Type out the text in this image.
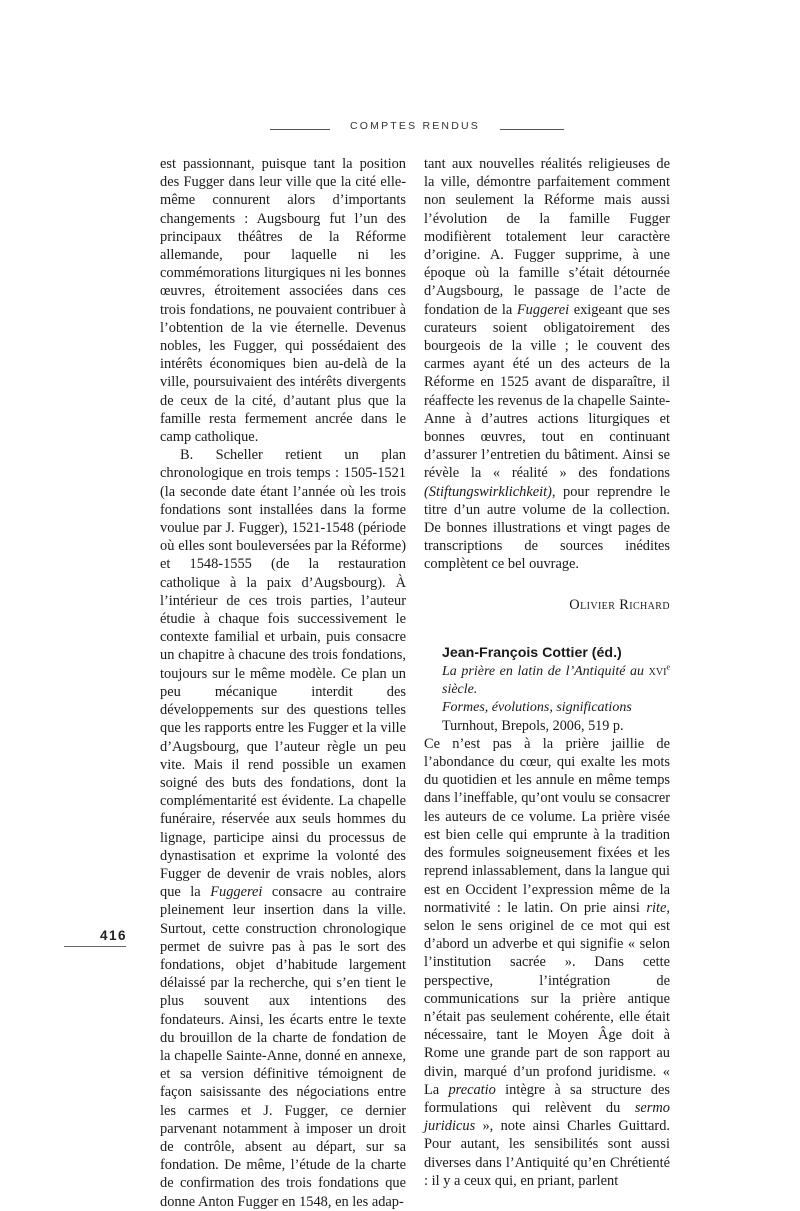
COMPTES RENDUS

est passionnant, puisque tant la position des Fugger dans leur ville que la cité elle-même connurent alors d’importants changements : Augsbourg fut l’un des principaux théâtres de la Réforme allemande, pour laquelle ni les commémorations liturgiques ni les bonnes œuvres, étroitement associées dans ces trois fondations, ne pouvaient contribuer à l’obtention de la vie éternelle. Devenus nobles, les Fugger, qui possédaient des intérêts économiques bien au-delà de la ville, poursuivaient des intérêts divergents de ceux de la cité, d’autant plus que la famille resta fermement ancrée dans le camp catholique.

B. Scheller retient un plan chronologique en trois temps : 1505-1521 (la seconde date étant l’année où les trois fondations sont installées dans la forme voulue par J. Fugger), 1521-1548 (période où elles sont bouleversées par la Réforme) et 1548-1555 (de la restauration catholique à la paix d’Augsbourg). À l’intérieur de ces trois parties, l’auteur étudie à chaque fois successivement le contexte familial et urbain, puis consacre un chapitre à chacune des trois fondations, toujours sur le même modèle. Ce plan un peu mécanique interdit des développements sur des questions telles que les rapports entre les Fugger et la ville d’Augsbourg, que l’auteur règle un peu vite. Mais il rend possible un examen soigné des buts des fondations, dont la complémentarité est évidente. La chapelle funéraire, réservée aux seuls hommes du lignage, participe ainsi du processus de dynastisation et exprime la volonté des Fugger de devenir de vrais nobles, alors que la Fuggerei consacre au contraire pleinement leur insertion dans la ville. Surtout, cette construction chronologique permet de suivre pas à pas le sort des fondations, objet d’habitude largement délaissé par la recherche, qui s’en tient le plus souvent aux intentions des fondateurs. Ainsi, les écarts entre le texte du brouillon de la charte de fondation de la chapelle Sainte-Anne, donné en annexe, et sa version définitive témoignent de façon saisissante des négociations entre les carmes et J. Fugger, ce dernier parvenant notamment à imposer un droit de contrôle, absent au départ, sur sa fondation. De même, l’étude de la charte de confirmation des trois fondations que donne Anton Fugger en 1548, en les adap-

tant aux nouvelles réalités religieuses de la ville, démontre parfaitement comment non seulement la Réforme mais aussi l’évolution de la famille Fugger modifièrent totalement leur caractère d’origine. A. Fugger supprime, à une époque où la famille s’était détournée d’Augsbourg, le passage de l’acte de fondation de la Fuggerei exigeant que ses curateurs soient obligatoirement des bourgeois de la ville ; le couvent des carmes ayant été un des acteurs de la Réforme en 1525 avant de disparaître, il réaffecte les revenus de la chapelle Sainte-Anne à d’autres actions liturgiques et bonnes œuvres, tout en continuant d’assurer l’entretien du bâtiment. Ainsi se révèle la « réalité » des fondations (Stiftungswirklichkeit), pour reprendre le titre d’un autre volume de la collection. De bonnes illustrations et vingt pages de transcriptions de sources inédites complètent ce bel ouvrage.

Olivier Richard
Jean-François Cottier (éd.)
La prière en latin de l’Antiquité au xvi$^e$ siècle.
Formes, évolutions, significations
Turnhout, Brepols, 2006, 519 p.

Ce n’est pas à la prière jaillie de l’abondance du cœur, qui exalte les mots du quotidien et les annule en même temps dans l’ineffable, qu’ont voulu se consacrer les auteurs de ce volume. La prière visée est bien celle qui emprunte à la tradition des formules soigneusement fixées et les reprend inlassablement, dans la langue qui est en Occident l’expression même de la normativité : le latin. On prie ainsi rite, selon le sens originel de ce mot qui est d’abord un adverbe et qui signifie « selon l’institution sacrée ». Dans cette perspective, l’intégration de communications sur la prière antique n’était pas seulement cohérente, elle était nécessaire, tant le Moyen Âge doit à Rome une grande part de son rapport au divin, marqué d’un profond juridisme. « La precatio intègre à sa structure des formulations qui relèvent du sermo juridicus », note ainsi Charles Guittard. Pour autant, les sensibilités sont aussi diverses dans l’Antiquité qu’en Chrétienté : il y a ceux qui, en priant, parlent

416
